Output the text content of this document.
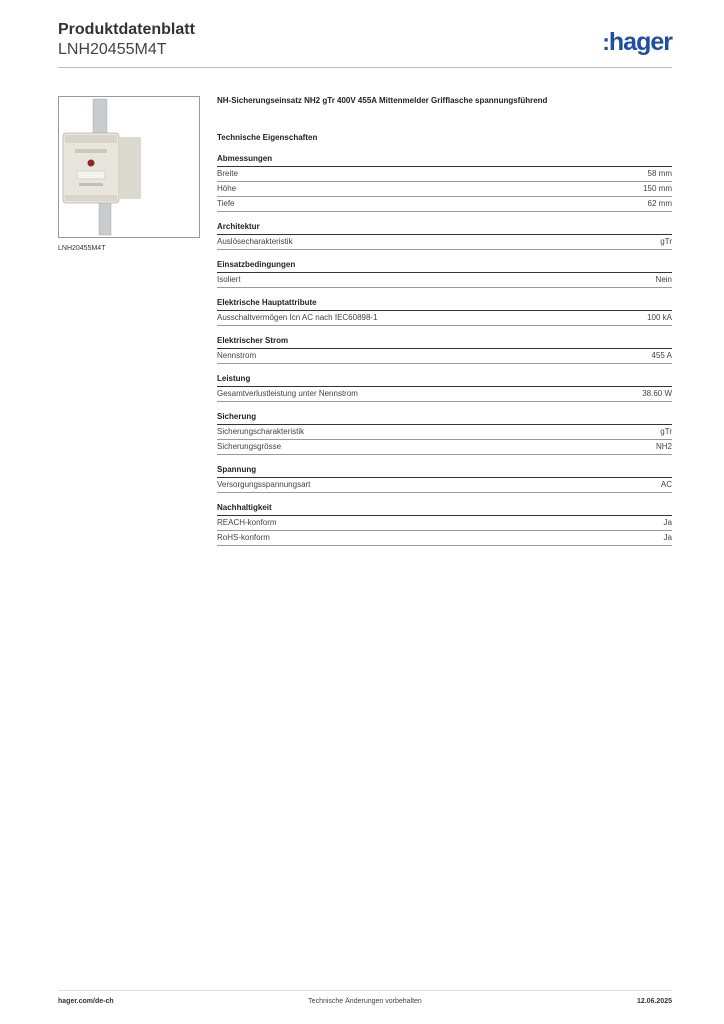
Produktdatenblatt
LNH20455M4T	:hager
LNH20455M4T
NH-Sicherungseinsatz NH2 gTr 400V 455A Mittenmelder Grifflasche spannungsführend
Technische Eigenschaften
Abmessungen
Breite	58 mm
Höhe	150 mm
Tiefe	62 mm
Architektur
Auslösecharakteristik	gTr
Einsatzbedingungen
Isoliert	Nein
Elektrische Hauptattribute
Ausschaltvermögen Icn AC nach IEC60898-1	100 kA
Elektrischer Strom
Nennstrom	455 A
Leistung
Gesamtverlustleistung unter Nennstrom	38.60 W
Sicherung
Sicherungscharakteristik	gTr
Sicherungsgrösse	NH2
Spannung
Versorgungsspannungsart	AC
Nachhaltigkeit
REACH-konform	Ja
RoHS-konform	Ja
hager.com/de-ch	Technische Änderungen vorbehalten	12.06.2025
